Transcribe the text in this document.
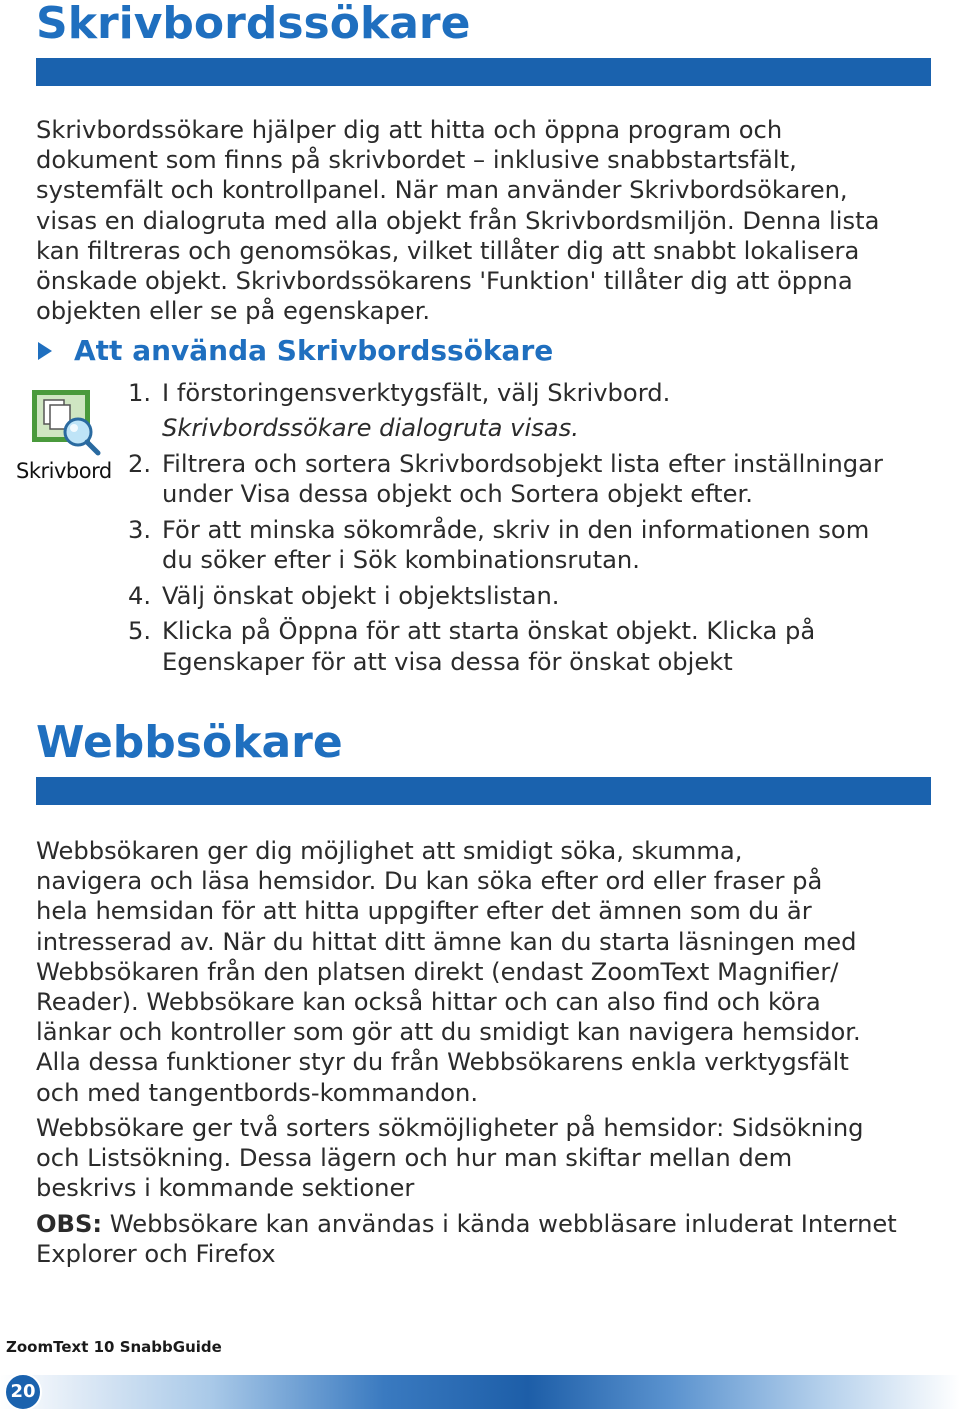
Skrivbordssökare

Skrivbordssökare hjälper dig att hitta och öppna program och
dokument som finns på skrivbordet – inklusive snabbstartsfält,
systemfält och kontrollpanel. När man använder Skrivbordsökaren,
visas en dialogruta med alla objekt från Skrivbordsmiljön. Denna lista
kan filtreras och genomsökas, vilket tillåter dig att snabbt lokalisera
önskade objekt. Skrivbordssökarens 'Funktion' tillåter dig att öppna
objekten eller se på egenskaper.

Att använda Skrivbordssökare
Skrivbord
1. I förstoringensverktygsfält, välj Skrivbord.
Skrivbordssökare dialogruta visas.
2. Filtrera och sortera Skrivbordsobjekt lista efter inställningar
under Visa dessa objekt och Sortera objekt efter.
3. För att minska sökområde, skriv in den informationen som
du söker efter i Sök kombinationsrutan.
4. Välj önskat objekt i objektslistan.
5. Klicka på Öppna för att starta önskat objekt. Klicka på
Egenskaper för att visa dessa för önskat objekt
Webbsökare

Webbsökaren ger dig möjlighet att smidigt söka, skumma,
navigera och läsa hemsidor. Du kan söka efter ord eller fraser på
hela hemsidan för att hitta uppgifter efter det ämnen som du är
intresserad av. När du hittat ditt ämne kan du starta läsningen med
Webbsökaren från den platsen direkt (endast ZoomText Magnifier/
Reader). Webbsökare kan också hittar och can also find och köra
länkar och kontroller som gör att du smidigt kan navigera hemsidor.
Alla dessa funktioner styr du från Webbsökarens enkla verktygsfält
och med tangentbords-kommandon.

Webbsökare ger två sorters sökmöjligheter på hemsidor: Sidsökning
och Listsökning. Dessa lägern och hur man skiftar mellan dem
beskrivs i kommande sektioner

OBS: Webbsökare kan användas i kända webbläsare inluderat Internet
Explorer och Firefox

ZoomText 10 SnabbGuide
20
